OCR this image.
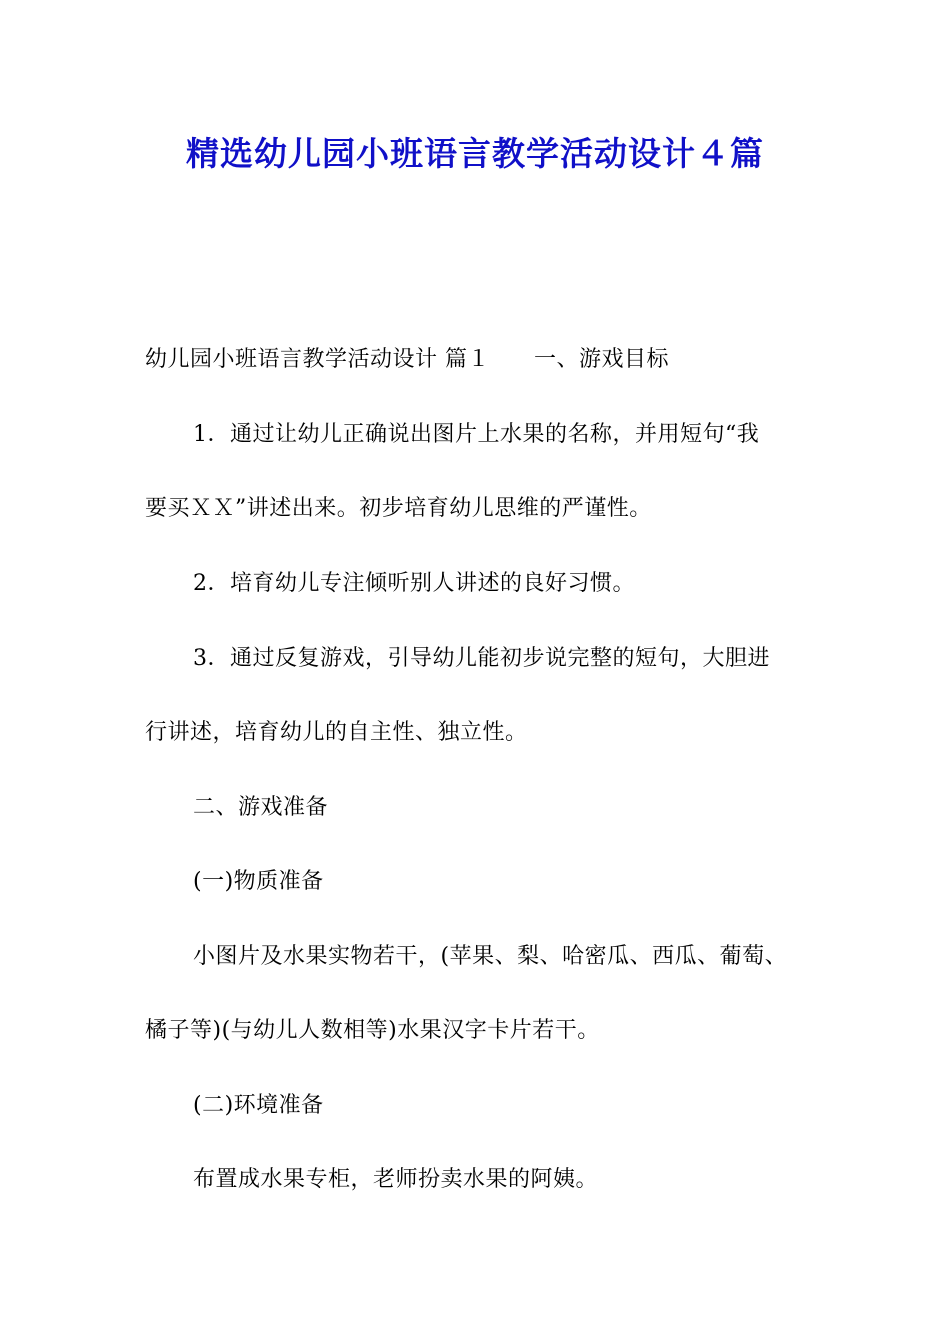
精选幼儿园小班语言教学活动设计４篇
幼儿园小班语言教学活动设计 篇１ 一、游戏目标
1．通过让幼儿正确说出图片上水果的名称，并用短句“我
要买ＸＸ”讲述出来。初步培育幼儿思维的严谨性。
2．培育幼儿专注倾听别人讲述的良好习惯。
3．通过反复游戏，引导幼儿能初步说完整的短句，大胆进
行讲述，培育幼儿的自主性、独立性。
二、游戏准备
(一)物质准备
小图片及水果实物若干，(苹果、梨、哈密瓜、西瓜、葡萄、
橘子等)(与幼儿人数相等)水果汉字卡片若干。
(二)环境准备
布置成水果专柜，老师扮卖水果的阿姨。
